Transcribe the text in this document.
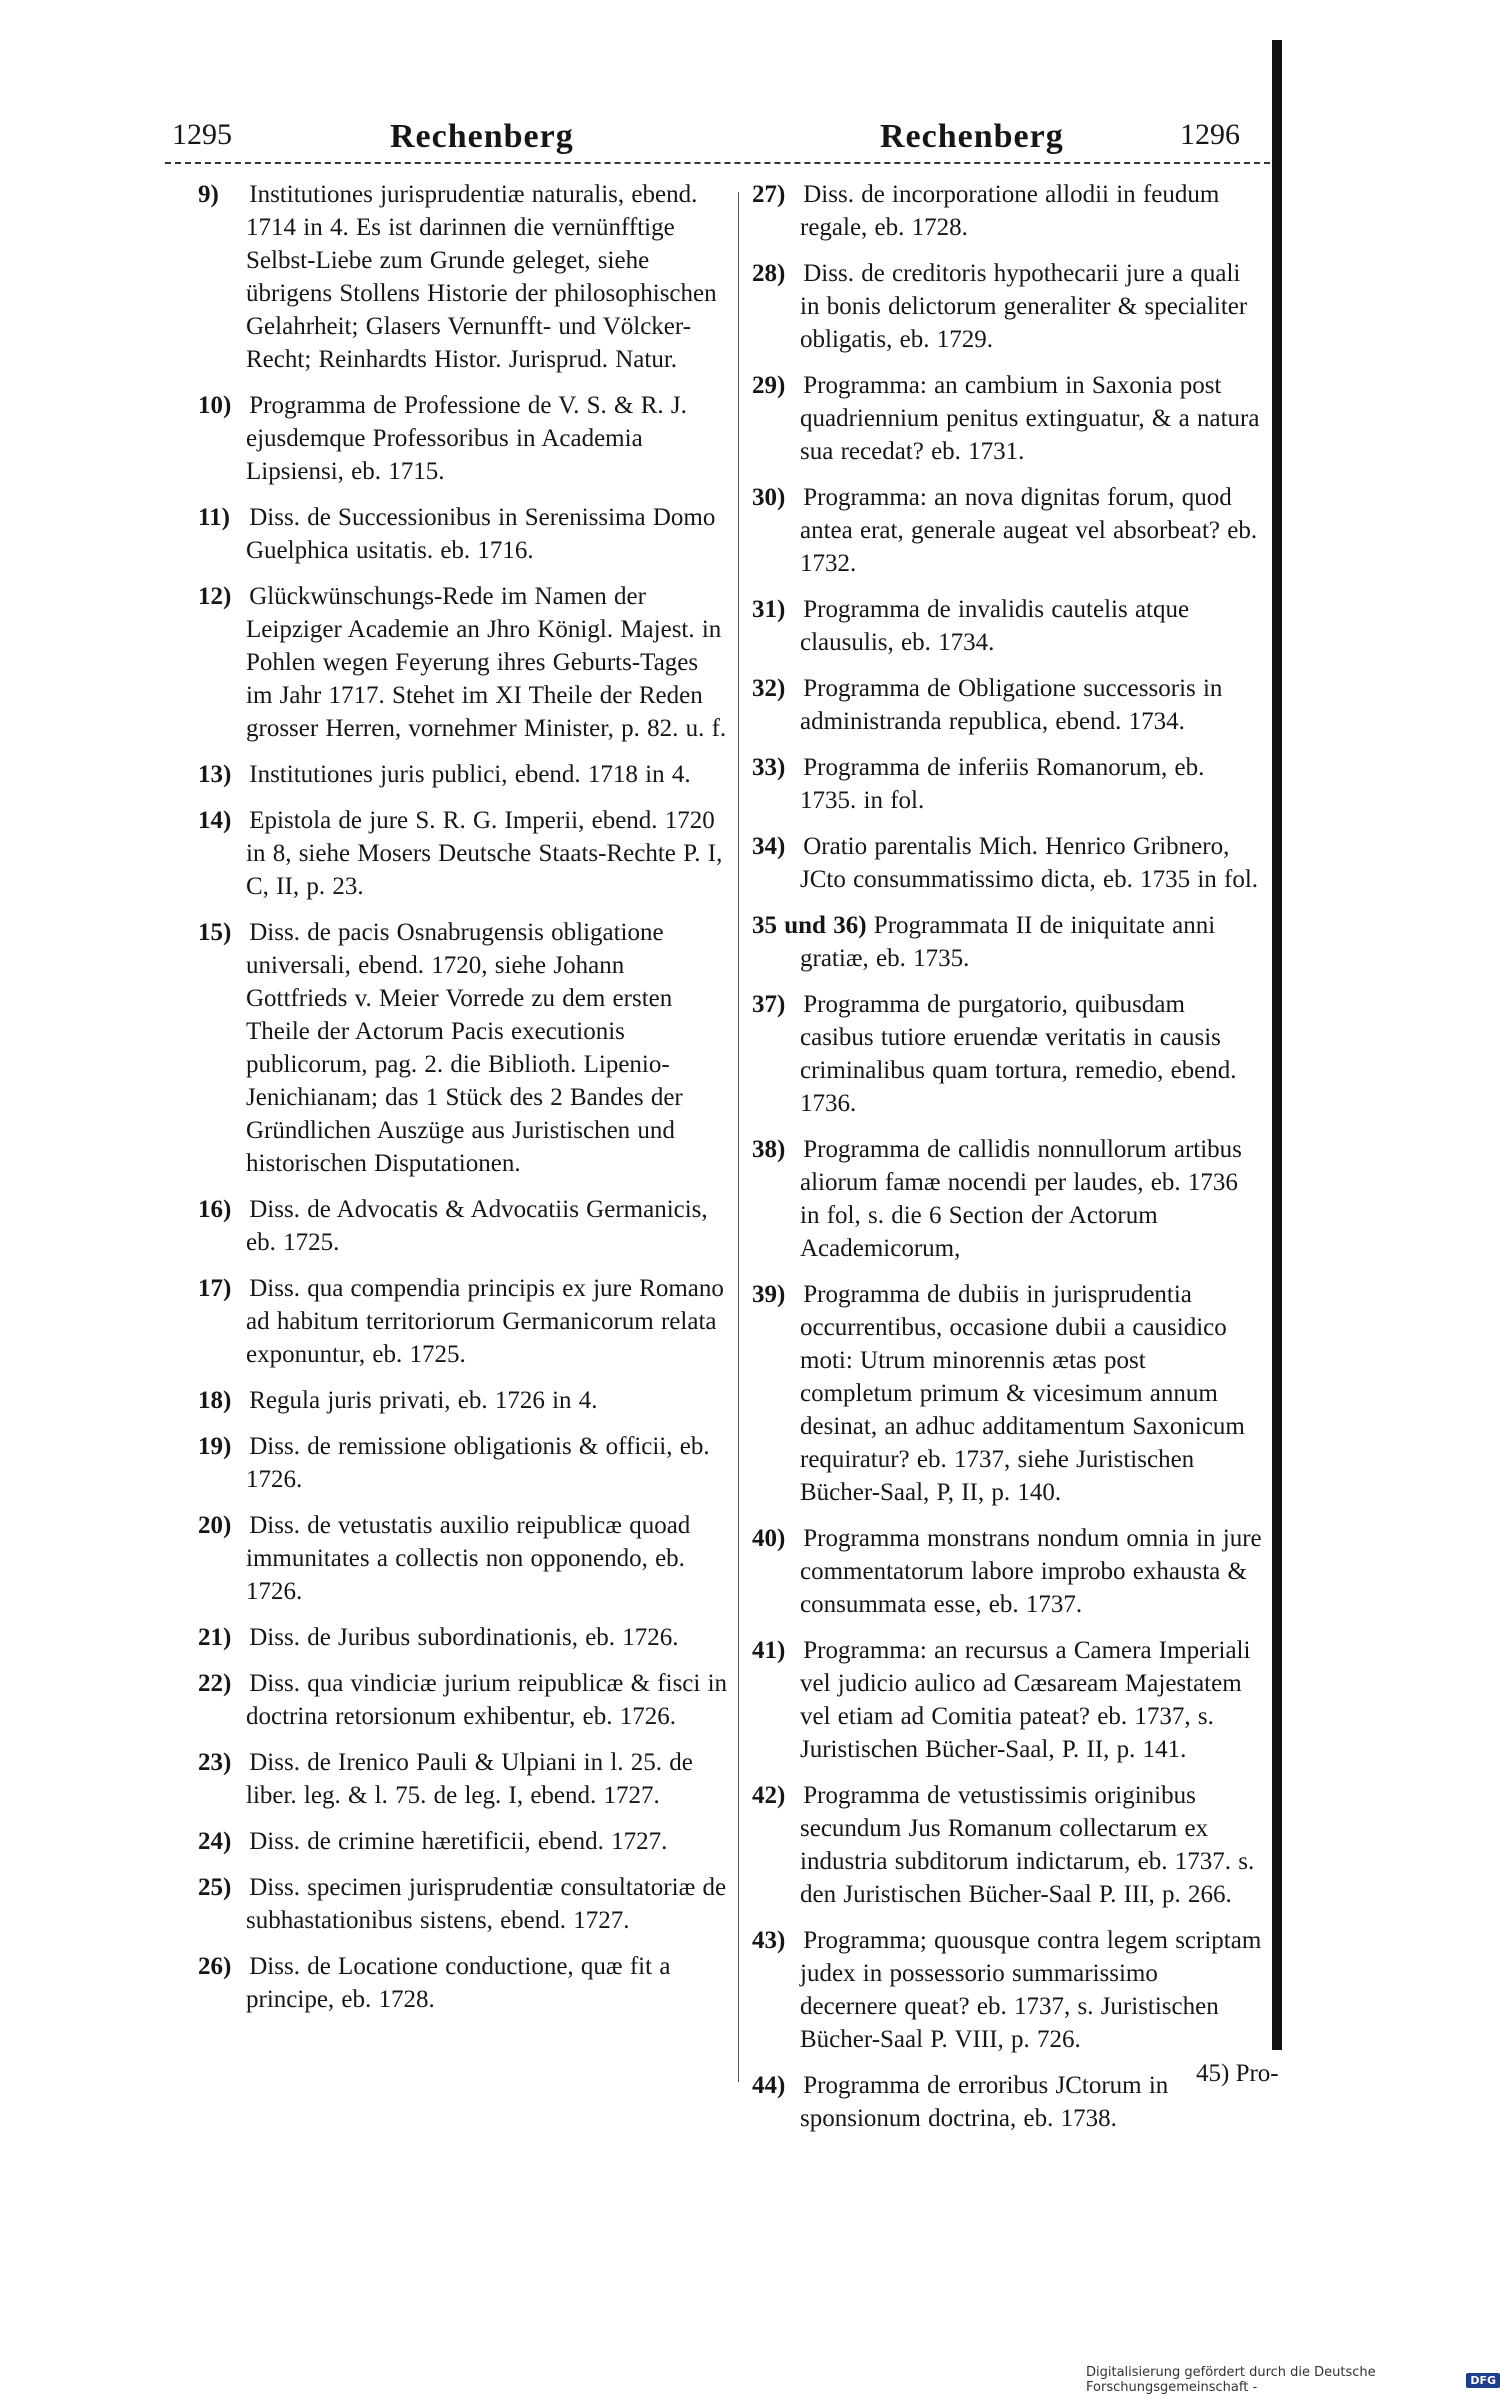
1295	Rechenberg	Rechenberg	1296

9) Institutiones jurisprudentiæ naturalis, ebend. 1714 in 4. Es ist darinnen die vernünfftige Selbst-Liebe zum Grunde geleget, siehe übrigens Stollens Historie der philosophischen Gelahrheit; Glasers Vernunfft- und Völcker-Recht; Reinhardts Histor. Jurisprud. Natur.

10) Programma de Professione de V. S. & R. J. ejusdemque Professoribus in Academia Lipsiensi, eb. 1715.

11) Diss. de Successionibus in Serenissima Domo Guelphica usitatis. eb. 1716.

12) Glückwünschungs-Rede im Namen der Leipziger Academie an Jhro Königl. Majest. in Pohlen wegen Feyerung ihres Geburts-Tages im Jahr 1717. Stehet im XI Theile der Reden grosser Herren, vornehmer Minister, p. 82. u. f.

13) Institutiones juris publici, ebend. 1718 in 4.

14) Epistola de jure S. R. G. Imperii, ebend. 1720 in 8, siehe Mosers Deutsche Staats-Rechte P. I, C, II, p. 23.

15) Diss. de pacis Osnabrugensis obligatione universali, ebend. 1720, siehe Johann Gottfrieds v. Meier Vorrede zu dem ersten Theile der Actorum Pacis executionis publicorum, pag. 2. die Biblioth. Lipenio-Jenichianam; das 1 Stück des 2 Bandes der Gründlichen Auszüge aus Juristischen und historischen Disputationen.

16) Diss. de Advocatis & Advocatiis Germanicis, eb. 1725.

17) Diss. qua compendia principis ex jure Romano ad habitum territoriorum Germanicorum relata exponuntur, eb. 1725.

18) Regula juris privati, eb. 1726 in 4.

19) Diss. de remissione obligationis & officii, eb. 1726.

20) Diss. de vetustatis auxilio reipublicæ quoad immunitates a collectis non opponendo, eb. 1726.

21) Diss. de Juribus subordinationis, eb. 1726.

22) Diss. qua vindiciæ jurium reipublicæ & fisci in doctrina retorsionum exhibentur, eb. 1726.

23) Diss. de Irenico Pauli & Ulpiani in l. 25. de liber. leg. & l. 75. de leg. I, ebend. 1727.

24) Diss. de crimine hæretificii, ebend. 1727.

25) Diss. specimen jurisprudentiæ consultatoriæ de subhastationibus sistens, ebend. 1727.

26) Diss. de Locatione conductione, quæ fit a principe, eb. 1728.

27) Diss. de incorporatione allodii in feudum regale, eb. 1728.

28) Diss. de creditoris hypothecarii jure a quali in bonis delictorum generaliter & specialiter obligatis, eb. 1729.

29) Programma: an cambium in Saxonia post quadriennium penitus extinguatur, & a natura sua recedat? eb. 1731.

30) Programma: an nova dignitas forum, quod antea erat, generale augeat vel absorbeat? eb. 1732.

31) Programma de invalidis cautelis atque clausulis, eb. 1734.

32) Programma de Obligatione successoris in administranda republica, ebend. 1734.

33) Programma de inferiis Romanorum, eb. 1735. in fol.

34) Oratio parentalis Mich. Henrico Gribnero, JCto consummatissimo dicta, eb. 1735 in fol.

35 und 36) Programmata II de iniquitate anni gratiæ, eb. 1735.

37) Programma de purgatorio, quibusdam casibus tutiore eruendæ veritatis in causis criminalibus quam tortura, remedio, ebend. 1736.

38) Programma de callidis nonnullorum artibus aliorum famæ nocendi per laudes, eb. 1736 in fol, s. die 6 Section der Actorum Academicorum,

39) Programma de dubiis in jurisprudentia occurrentibus, occasione dubii a causidico moti: Utrum minorennis ætas post completum primum & vicesimum annum desinat, an adhuc additamentum Saxonicum requiratur? eb. 1737, siehe Juristischen Bücher-Saal, P, II, p. 140.

40) Programma monstrans nondum omnia in jure commentatorum labore improbo exhausta & consummata esse, eb. 1737.

41) Programma: an recursus a Camera Imperiali vel judicio aulico ad Cæsaream Majestatem vel etiam ad Comitia pateat? eb. 1737, s. Juristischen Bücher-Saal, P. II, p. 141.

42) Programma de vetustissimis originibus secundum Jus Romanum collectarum ex industria subditorum indictarum, eb. 1737. s. den Juristischen Bücher-Saal P. III, p. 266.

43) Programma; quousque contra legem scriptam judex in possessorio summarissimo decernere queat? eb. 1737, s. Juristischen Bücher-Saal P. VIII, p. 726.

44) Programma de erroribus JCtorum in sponsionum doctrina, eb. 1738.

45) Pro-
Digitalisierung gefördert durch die Deutsche Forschungsgemeinschaft -	DFG
